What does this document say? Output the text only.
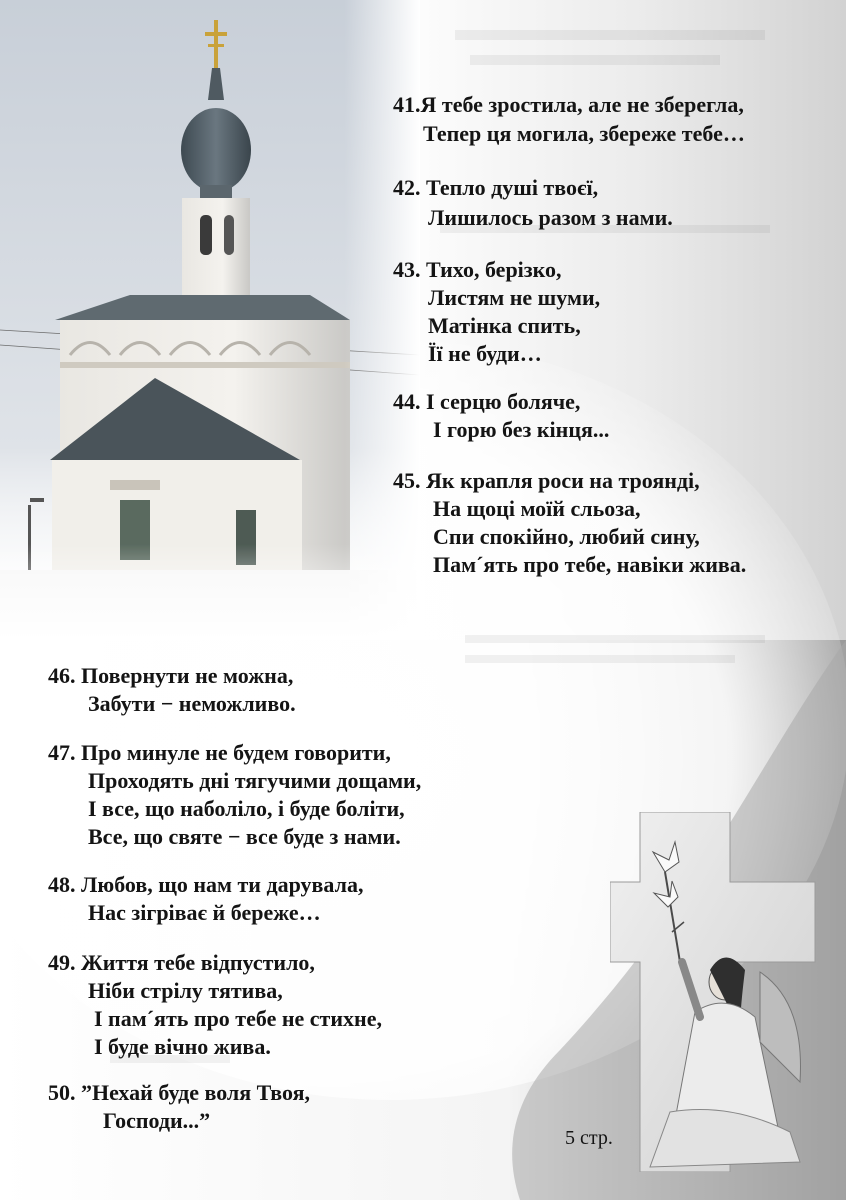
41.Я тебе зростила, але не зберегла,
Тепер ця могила, збереже тебе…
42. Тепло душі твоєї,
Лишилось разом з нами.
43. Тихо, берізко,
Листям не шуми,
Матінка спить,
Її не буди…
44. І серцю боляче,
І горю без кінця...
45. Як крапля роси на троянді,
На щоці моїй сльоза,
Спи спокійно, любий сину,
Пам´ять про тебе, навіки жива.
46. Повернути не можна,
Забути − неможливо.
47. Про минуле не будем говорити,
Проходять дні тягучими дощами,
І все, що наболіло, і буде боліти,
Все, що святе − все буде з нами.
48. Любов, що нам ти дарувала,
Нас зігріває й береже…
49. Життя тебе відпустило,
Ніби стрілу тятива,
І пам´ять про тебе не стихне,
І буде вічно жива.
50. ”Нехай буде воля Твоя,
Господи...”
5 стр.
